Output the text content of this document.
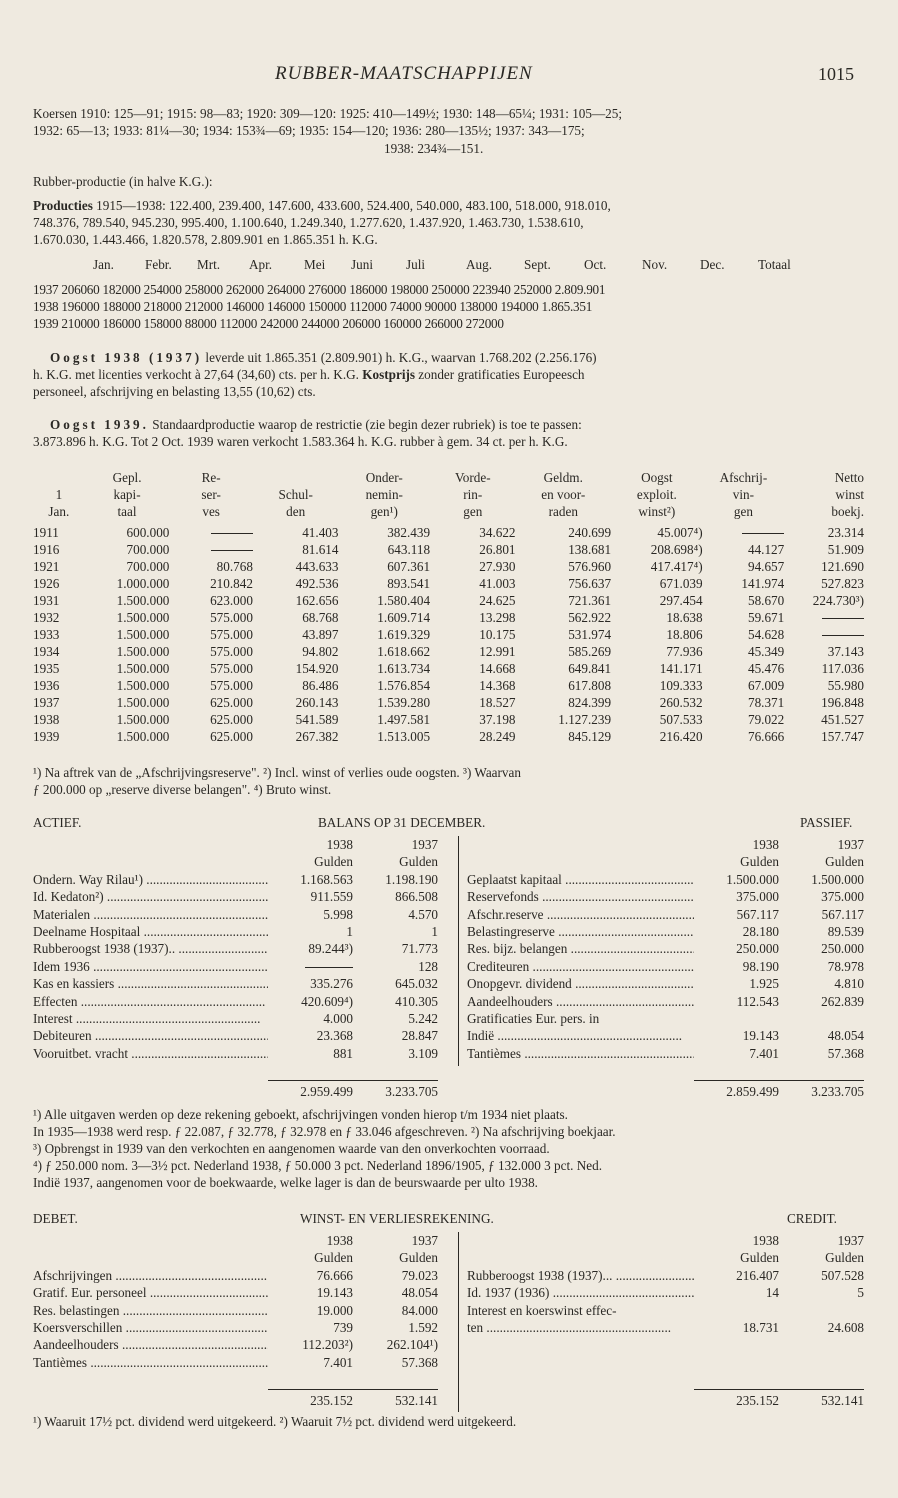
RUBBER-MAATSCHAPPIJEN	1015
Koersen 1910: 125—91; 1915: 98—83; 1920: 309—120: 1925: 410—149½; 1930: 148—65¼; 1931: 105—25;
1932: 65—13; 1933: 81¼—30; 1934: 153¾—69; 1935: 154—120; 1936: 280—135½; 1937: 343—175;
1938: 234¾—151.
Rubber-productie (in halve K.G.):
Producties 1915—1938: 122.400, 239.400, 147.600, 433.600, 524.400, 540.000, 483.100, 518.000, 918.010,
748.376, 789.540, 945.230, 995.400, 1.100.640, 1.249.340, 1.277.620, 1.437.920, 1.463.730, 1.538.610,
1.670.030, 1.443.466, 1.820.578, 2.809.901 en 1.865.351 h. K.G.
Jan. Febr. Mrt. Apr. Mei Juni	Juli	Aug. Sept.	Oct.	Nov. Dec.	Totaal
1937 206060 182000 254000 258000 262000 264000 276000 186000 198000 250000 223940 252000 2.809.901
1938 196000 188000 218000 212000 146000 146000 150000 112000 74000 90000 138000 194000 1.865.351
1939 210000 186000 158000 88000 112000 242000 244000 206000 160000 266000 272000
Oogst 1938 (1937) leverde uit 1.865.351 (2.809.901) h. K.G., waarvan 1.768.202 (2.256.176)
h. K.G. met licenties verkocht à 27,64 (34,60) cts. per h. K.G. Kostprijs zonder gratificaties Europeesch
personeel, afschrijving en belasting 13,55 (10,62) cts.
Oogst 1939. Standaardproductie waarop de restrictie (zie begin dezer rubriek) is toe te passen:
3.873.896 h. K.G. Tot 2 Oct. 1939 waren verkocht 1.583.364 h. K.G. rubber à gem. 34 ct. per h. K.G.
	Gepl.	Re-		Onder-	Vorde-	Geldm.	Oogst	Afschrij-	Netto
1	kapi-	ser-	Schul-	nemin-	rin-	en voor-	exploit.	vin-	winst
Jan.	taal	ves	den	gen¹)	gen	raden	winst²)	gen	boekj.

1911	600.000		41.403	382.439	34.622	240.699	45.007⁴)		23.314
1916	700.000		81.614	643.118	26.801	138.681	208.698⁴)	44.127	51.909
1921	700.000	80.768	443.633	607.361	27.930	576.960	417.417⁴)	94.657	121.690
1926	1.000.000	210.842	492.536	893.541	41.003	756.637	671.039	141.974	527.823
1931	1.500.000	623.000	162.656	1.580.404	24.625	721.361	297.454	58.670	224.730³)
1932	1.500.000	575.000	68.768	1.609.714	13.298	562.922	18.638	59.671	
1933	1.500.000	575.000	43.897	1.619.329	10.175	531.974	18.806	54.628	
1934	1.500.000	575.000	94.802	1.618.662	12.991	585.269	77.936	45.349	37.143
1935	1.500.000	575.000	154.920	1.613.734	14.668	649.841	141.171	45.476	117.036
1936	1.500.000	575.000	86.486	1.576.854	14.368	617.808	109.333	67.009	55.980
1937	1.500.000	625.000	260.143	1.539.280	18.527	824.399	260.532	78.371	196.848
1938	1.500.000	625.000	541.589	1.497.581	37.198	1.127.239	507.533	79.022	451.527
1939	1.500.000	625.000	267.382	1.513.005	28.249	845.129	216.420	76.666	157.747
¹) Na aftrek van de „Afschrijvingsreserve". ²) Incl. winst of verlies oude oogsten. ³) Waarvan
ƒ 200.000 op „reserve diverse belangen". ⁴) Bruto winst.
ACTIEF.	BALANS OP 31 DECEMBER.	PASSIEF.
	1938	1937
	Gulden	Gulden
Ondern. Way Rilau¹) .....	1.168.563	1.198.190
Id. Kedaton²) .....	911.559	866.508
Materialen .....	5.998	4.570
Deelname Hospitaal .....	1	1
Rubberoogst 1938 (1937).. .....	89.244³)	71.773
Idem 1936 .....		128
Kas en kassiers .....	335.276	645.032
Effecten .....	420.609⁴)	410.305
Interest .....	4.000	5.242
Debiteuren .....	23.368	28.847
Vooruitbet. vracht .....	881	3.109

	2.959.499	3.233.705
	1938	1937
	Gulden	Gulden
Geplaatst kapitaal .....	1.500.000	1.500.000
Reservefonds .....	375.000	375.000
Afschr.reserve .....	567.117	567.117
Belastingreserve .....	28.180	89.539
Res. bijz. belangen .....	250.000	250.000
Crediteuren .....	98.190	78.978
Onopgevr. dividend .....	1.925	4.810
Aandeelhouders .....	112.543	262.839
Gratificaties Eur. pers. in		
Indië .....	19.143	48.054
Tantièmes .....	7.401	57.368

	2.859.499	3.233.705
¹) Alle uitgaven werden op deze rekening geboekt, afschrijvingen vonden hierop t/m 1934 niet plaats.
In 1935—1938 werd resp. ƒ 22.087, ƒ 32.778, ƒ 32.978 en ƒ 33.046 afgeschreven. ²) Na afschrijving boekjaar.
³) Opbrengst in 1939 van den verkochten en aangenomen waarde van den onverkochten voorraad.
⁴) ƒ 250.000 nom. 3—3½ pct. Nederland 1938, ƒ 50.000 3 pct. Nederland 1896/1905, ƒ 132.000 3 pct. Ned.
Indië 1937, aangenomen voor de boekwaarde, welke lager is dan de beurswaarde per ulto 1938.
DEBET.	WINST- EN VERLIESREKENING.	CREDIT.
	1938	1937
	Gulden	Gulden
Afschrijvingen .....	76.666	79.023
Gratif. Eur. personeel .....	19.143	48.054
Res. belastingen .....	19.000	84.000
Koersverschillen .....	739	1.592
Aandeelhouders .....	112.203²)	262.104¹)
Tantièmes .....	7.401	57.368

	235.152	532.141
	1938	1937
	Gulden	Gulden
Rubberoogst 1938 (1937)... .....	216.407	507.528
Id. 1937 (1936) .....	14	5
Interest en koerswinst effec-		
ten .....	18.731	24.608

	235.152	532.141
¹) Waaruit 17½ pct. dividend werd uitgekeerd. ²) Waaruit 7½ pct. dividend werd uitgekeerd.
